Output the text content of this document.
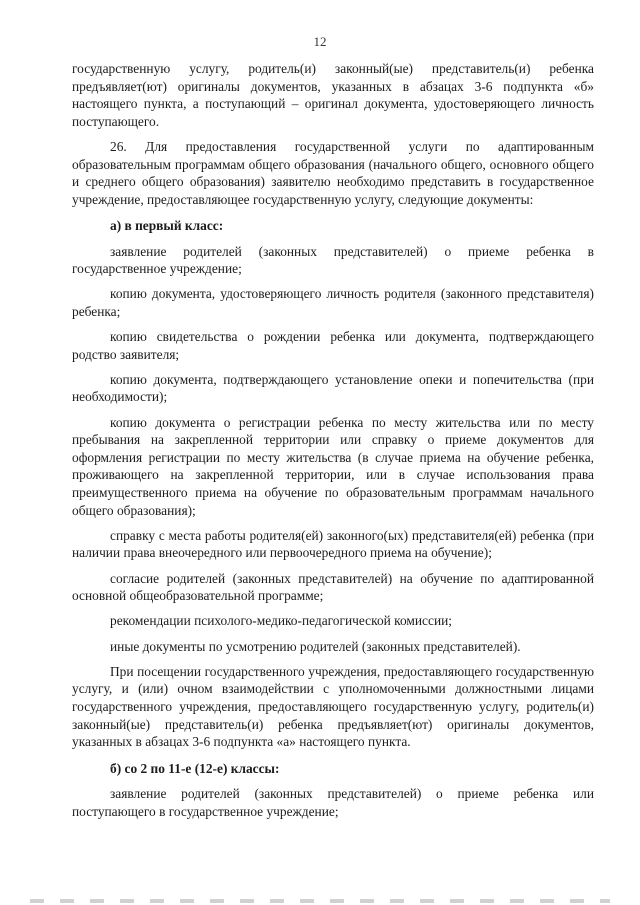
12

государственную услугу, родитель(и) законный(ые) представитель(и) ребенка предъявляет(ют) оригиналы документов, указанных в абзацах 3-6 подпункта «б» настоящего пункта, а поступающий – оригинал документа, удостоверяющего личность поступающего.

26. Для предоставления государственной услуги по адаптированным образовательным программам общего образования (начального общего, основного общего и среднего общего образования) заявителю необходимо представить в государственное учреждение, предоставляющее государственную услугу, следующие документы:

а) в первый класс:

заявление родителей (законных представителей) о приеме ребенка в государственное учреждение;

копию документа, удостоверяющего личность родителя (законного представителя) ребенка;

копию свидетельства о рождении ребенка или документа, подтверждающего родство заявителя;

копию документа, подтверждающего установление опеки и попечительства (при необходимости);

копию документа о регистрации ребенка по месту жительства или по месту пребывания на закрепленной территории или справку о приеме документов для оформления регистрации по месту жительства (в случае приема на обучение ребенка, проживающего на закрепленной территории, или в случае использования права преимущественного приема на обучение по образовательным программам начального общего образования);

справку с места работы родителя(ей) законного(ых) представителя(ей) ребенка (при наличии права внеочередного или первоочередного приема на обучение);

согласие родителей (законных представителей) на обучение по адаптированной основной общеобразовательной программе;

рекомендации психолого-медико-педагогической комиссии;

иные документы по усмотрению родителей (законных представителей).

При посещении государственного учреждения, предоставляющего государственную услугу, и (или) очном взаимодействии с уполномоченными должностными лицами государственного учреждения, предоставляющего государственную услугу, родитель(и) законный(ые) представитель(и) ребенка предъявляет(ют) оригиналы документов, указанных в абзацах 3-6 подпункта «а» настоящего пункта.

б) со 2 по 11-е (12-е) классы:

заявление родителей (законных представителей) о приеме ребенка или поступающего в государственное учреждение;
